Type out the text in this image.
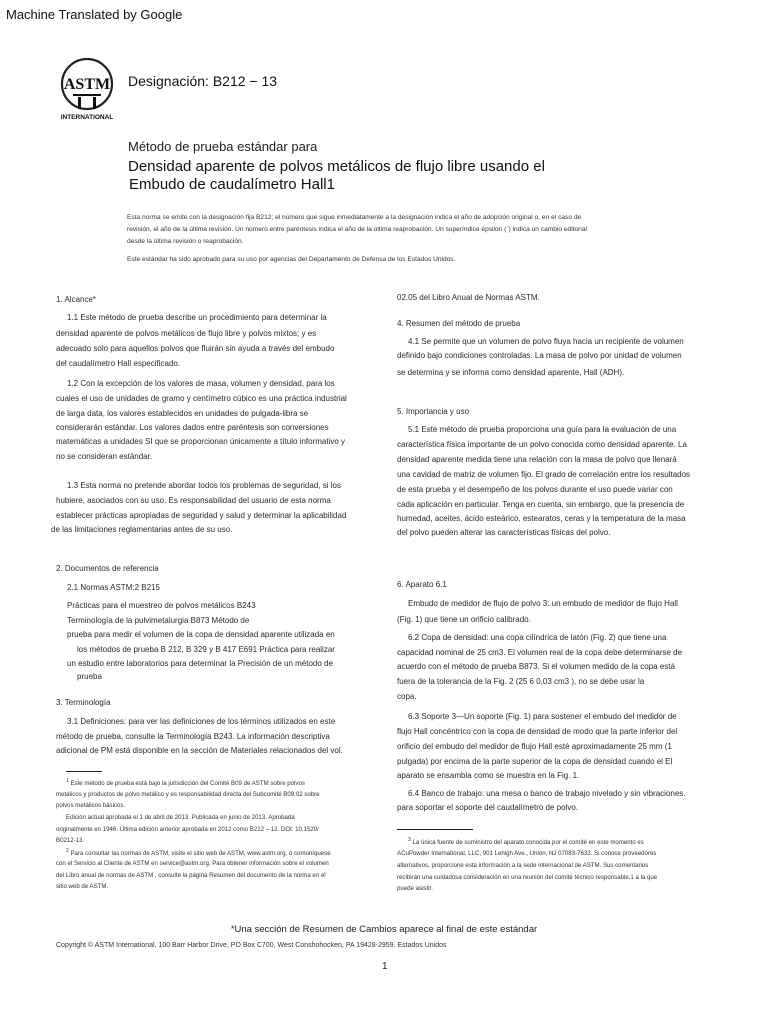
Machine Translated by Google
ASTM
INTERNATIONAL
Designación: B212 − 13
Método de prueba estándar para
Densidad aparente de polvos metálicos de flujo libre usando el
Embudo de caudalímetro Hall1
Esta norma se emite con la designación fija B212; el número que sigue inmediatamente a la designación indica el año de adopción original o, en el caso de
revisión, el año de la última revisión. Un número entre paréntesis indica el año de la última reaprobación. Un superíndice épsilon (´) indica un cambio editorial
desde la última revisión o reaprobación.
Este estándar ha sido aprobado para su uso por agencias del Departamento de Defensa de los Estados Unidos.
1. Alcance*
1.1 Este método de prueba describe un procedimiento para determinar la
densidad aparente de polvos metálicos de flujo libre y polvos mixtos; y es
adecuado solo para aquellos polvos que fluirán sin ayuda a través del embudo
del caudalímetro Hall especificado.
1.2 Con la excepción de los valores de masa, volumen y densidad, para los
cuales el uso de unidades de gramo y centímetro cúbico es una práctica industrial
de larga data, los valores establecidos en unidades de pulgada-libra se
considerarán estándar. Los valores dados entre paréntesis son conversiones
matemáticas a unidades SI que se proporcionan únicamente a título informativo y
no se consideran estándar.
1.3 Esta norma no pretende abordar todos los problemas de seguridad, si los
hubiere, asociados con su uso. Es responsabilidad del usuario de esta norma
establecer prácticas apropiadas de seguridad y salud y determinar la aplicabilidad
de las limitaciones reglamentarias antes de su uso.
2. Documentos de referencia
2.1 Normas ASTM:2 B215
Prácticas para el muestreo de polvos metálicos B243
Terminología de la pulvimetalurgia B873 Método de
prueba para medir el volumen de la copa de densidad aparente utilizada en
los métodos de prueba B 212, B 329 y B 417 E691 Práctica para realizar
un estudio entre laboratorios para determinar la Precisión de un método de
prueba
3. Terminología
3.1 Definiciones: para ver las definiciones de los términos utilizados en este
método de prueba, consulte la Terminología B243. La información descriptiva
adicional de PM está disponible en la sección de Materiales relacionados del vol.
02.05 del Libro Anual de Normas ASTM.
4. Resumen del método de prueba
4.1 Se permite que un volumen de polvo fluya hacia un recipiente de volumen
definido bajo condiciones controladas. La masa de polvo por unidad de volumen
se determina y se informa como densidad aparente, Hall (ADH).
5. Importancia y uso
5.1 Este método de prueba proporciona una guía para la evaluación de una
característica física importante de un polvo conocida como densidad aparente. La
densidad aparente medida tiene una relación con la masa de polvo que llenará
una cavidad de matriz de volumen fijo. El grado de correlación entre los resultados
de esta prueba y el desempeño de los polvos durante el uso puede variar con
cada aplicación en particular. Tenga en cuenta, sin embargo, que la presencia de
humedad, aceites, ácido esteárico, estearatos, ceras y la temperatura de la masa
del polvo pueden alterar las características físicas del polvo.
6. Aparato 6.1
Embudo de medidor de flujo de polvo 3: un embudo de medidor de flujo Hall
(Fig. 1) que tiene un orificio calibrado.
6.2 Copa de densidad: una copa cilíndrica de latón (Fig. 2) que tiene una
capacidad nominal de 25 cm3. El volumen real de la copa debe determinarse de
acuerdo con el método de prueba B873. Si el volumen medido de la copa está
fuera de la tolerancia de la Fig. 2 (25 6 0,03 cm3 ), no se debe usar la
copa.
6.3 Soporte 3—Un soporte (Fig. 1) para sostener el embudo del medidor de
flujo Hall concéntrico con la copa de densidad de modo que la parte inferior del
orificio del embudo del medidor de flujo Hall esté aproximadamente 25 mm (1
pulgada) por encima de la parte superior de la copa de densidad cuando el El
aparato se ensambla como se muestra en la Fig. 1.
6.4 Banco de trabajo: una mesa o banco de trabajo nivelado y sin vibraciones.
para soportar el soporte del caudalímetro de polvo.
$^1$ Este método de prueba está bajo la jurisdicción del Comité B09 de ASTM sobre polvos
metálicos y productos de polvo metálico y es responsabilidad directa del Subcomité B09.02 sobre
polvos metálicos básicos.
Edición actual aprobada el 1 de abril de 2013. Publicada en junio de 2013. Aprobada
originalmente en 1946. Última edición anterior aprobada en 2012 como B212 – 12. DOI: 10.1520/
B0212-13.
$^2$ Para consultar las normas de ASTM, visite el sitio web de ASTM, www.astm.org, o comuníquese
con el Servicio al Cliente de ASTM en service@astm.org. Para obtener información sobre el volumen
del Libro anual de normas de ASTM , consulte la página Resumen del documento de la norma en el
sitio web de ASTM.
$^3$ La única fuente de suministro del aparato conocida por el comité en este momento es
ACuPowder International, LLC, 901 Lehigh Ave., Union, NJ 07083-7632. Si conoce proveedores
alternativos, proporcione esta información a la sede internacional de ASTM. Sus comentarios
recibirán una cuidadosa consideración en una reunión del comité técnico responsable,1 a la que
puede asistir.
*Una sección de Resumen de Cambios aparece al final de este estándar
Copyright © ASTM International, 100 Barr Harbor Drive, PO Box C700, West Conshohocken, PA 19428-2959. Estados Unidos
1
